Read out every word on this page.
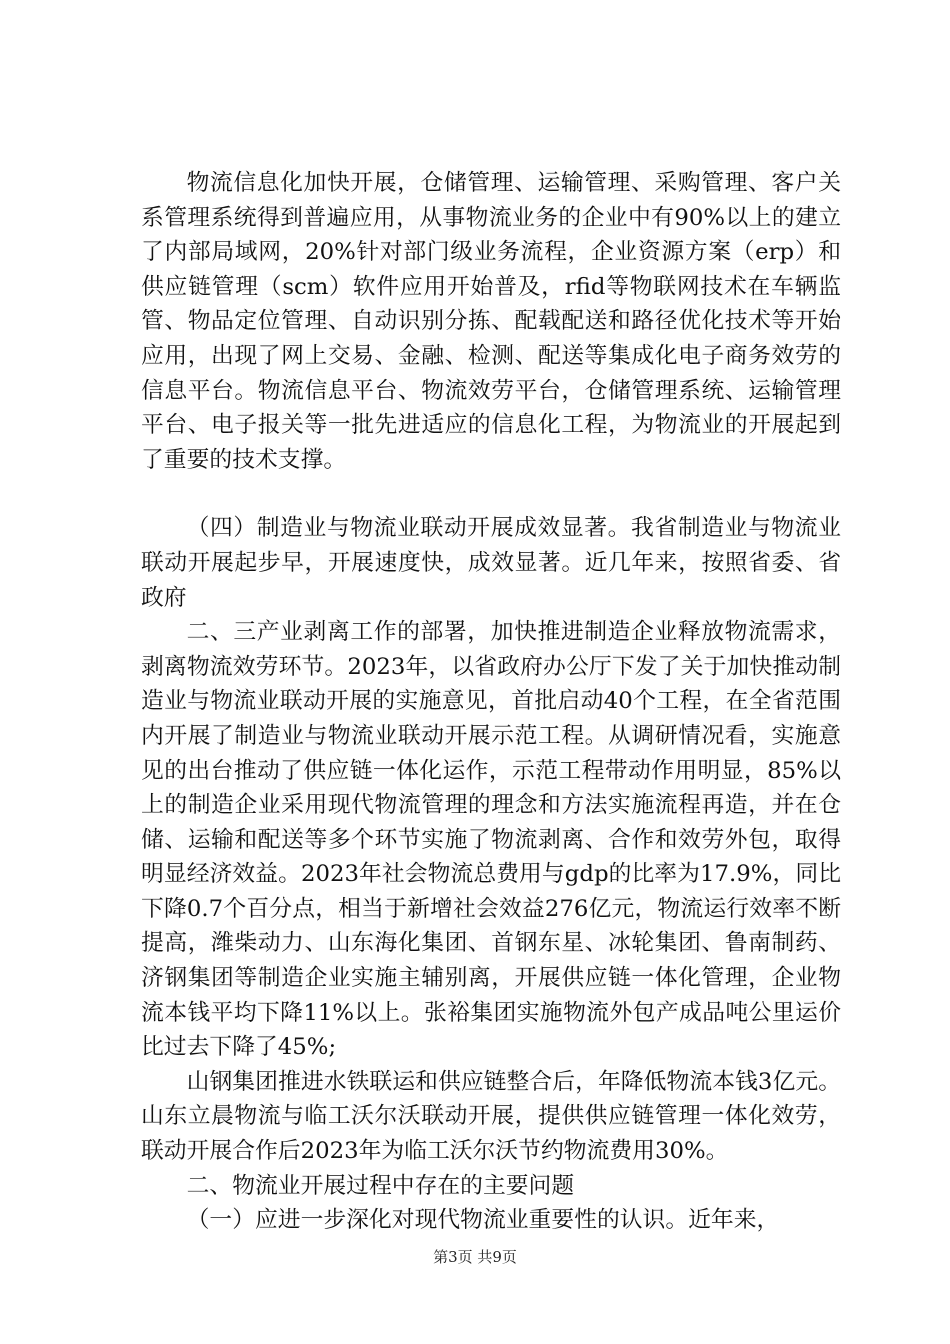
物流信息化加快开展，仓储管理、运输管理、采购管理、客户关系管理系统得到普遍应用，从事物流业务的企业中有90%以上的建立了内部局域网，20%针对部门级业务流程，企业资源方案（erp）和供应链管理（scm）软件应用开始普及，rfid等物联网技术在车辆监管、物品定位管理、自动识别分拣、配载配送和路径优化技术等开始应用，出现了网上交易、金融、检测、配送等集成化电子商务效劳的信息平台。物流信息平台、物流效劳平台，仓储管理系统、运输管理平台、电子报关等一批先进适应的信息化工程，为物流业的开展起到了重要的技术支撑。

（四）制造业与物流业联动开展成效显著。我省制造业与物流业联动开展起步早，开展速度快，成效显著。近几年来，按照省委、省政府

二、三产业剥离工作的部署，加快推进制造企业释放物流需求，剥离物流效劳环节。2023年，以省政府办公厅下发了关于加快推动制造业与物流业联动开展的实施意见，首批启动40个工程，在全省范围内开展了制造业与物流业联动开展示范工程。从调研情况看，实施意见的出台推动了供应链一体化运作，示范工程带动作用明显，85%以上的制造企业采用现代物流管理的理念和方法实施流程再造，并在仓储、运输和配送等多个环节实施了物流剥离、合作和效劳外包，取得明显经济效益。2023年社会物流总费用与gdp的比率为17.9%，同比下降0.7个百分点，相当于新增社会效益276亿元，物流运行效率不断提高，潍柴动力、山东海化集团、首钢东星、冰轮集团、鲁南制药、济钢集团等制造企业实施主辅别离，开展供应链一体化管理，企业物流本钱平均下降11%以上。张裕集团实施物流外包产成品吨公里运价比过去下降了45%;

山钢集团推进水铁联运和供应链整合后，年降低物流本钱3亿元。山东立晨物流与临工沃尔沃联动开展，提供供应链管理一体化效劳，联动开展合作后2023年为临工沃尔沃节约物流费用30%。

二、物流业开展过程中存在的主要问题

（一）应进一步深化对现代物流业重要性的认识。近年来，

第3页 共9页
